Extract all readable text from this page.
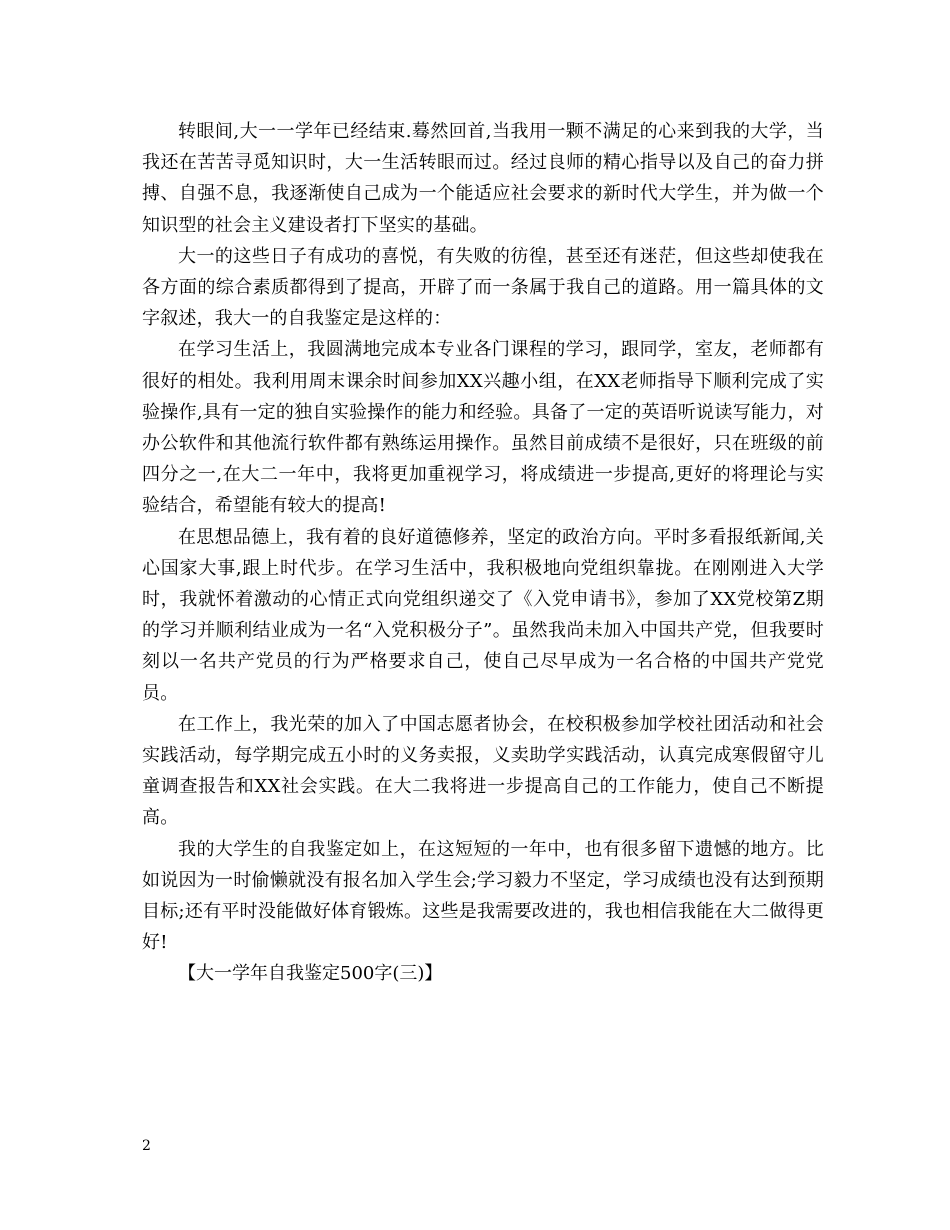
转眼间,大一一学年已经结束.蓦然回首,当我用一颗不满足的心来到我的大学，当我还在苦苦寻觅知识时，大一生活转眼而过。经过良师的精心指导以及自己的奋力拼搏、自强不息，我逐渐使自己成为一个能适应社会要求的新时代大学生，并为做一个知识型的社会主义建设者打下坚实的基础。

大一的这些日子有成功的喜悦，有失败的彷徨，甚至还有迷茫，但这些却使我在各方面的综合素质都得到了提高，开辟了而一条属于我自己的道路。用一篇具体的文字叙述，我大一的自我鉴定是这样的：

在学习生活上，我圆满地完成本专业各门课程的学习，跟同学，室友，老师都有很好的相处。我利用周末课余时间参加XX兴趣小组，在XX老师指导下顺利完成了实验操作,具有一定的独自实验操作的能力和经验。具备了一定的英语听说读写能力，对办公软件和其他流行软件都有熟练运用操作。虽然目前成绩不是很好，只在班级的前四分之一,在大二一年中，我将更加重视学习，将成绩进一步提高,更好的将理论与实验结合，希望能有较大的提高!

在思想品德上，我有着的良好道德修养，坚定的政治方向。平时多看报纸新闻,关心国家大事,跟上时代步。在学习生活中，我积极地向党组织靠拢。在刚刚进入大学时，我就怀着激动的心情正式向党组织递交了《入党申请书》，参加了XX党校第Z期的学习并顺利结业成为一名“入党积极分子”。虽然我尚未加入中国共产党，但我要时刻以一名共产党员的行为严格要求自己，使自己尽早成为一名合格的中国共产党党员。

在工作上，我光荣的加入了中国志愿者协会，在校积极参加学校社团活动和社会实践活动，每学期完成五小时的义务卖报，义卖助学实践活动，认真完成寒假留守儿童调查报告和XX社会实践。在大二我将进一步提高自己的工作能力，使自己不断提高。

我的大学生的自我鉴定如上，在这短短的一年中，也有很多留下遗憾的地方。比如说因为一时偷懒就没有报名加入学生会;学习毅力不坚定，学习成绩也没有达到预期目标;还有平时没能做好体育锻炼。这些是我需要改进的，我也相信我能在大二做得更好!

【大一学年自我鉴定500字(三)】

2
